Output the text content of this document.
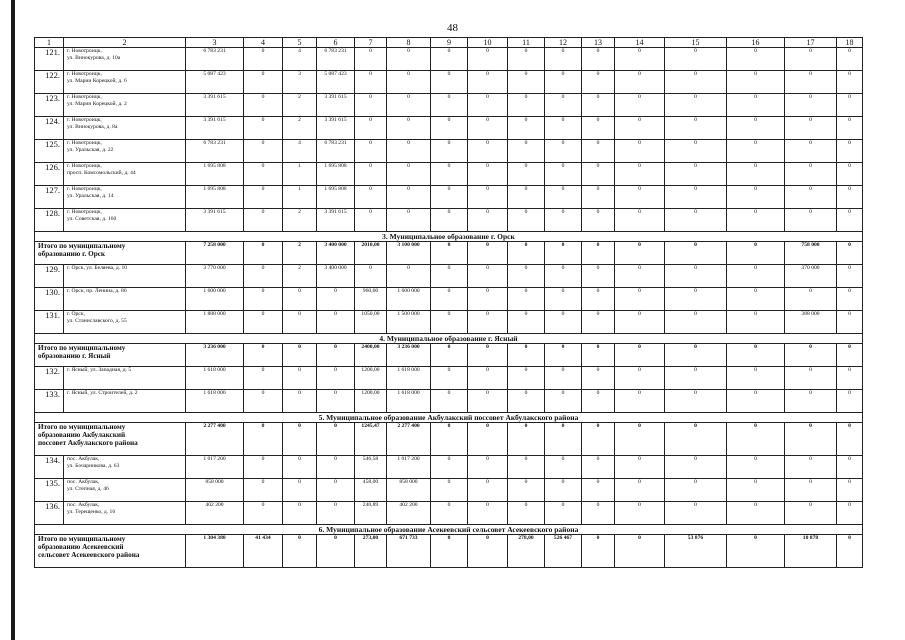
48
1	2	3	4	5	6	7	8	9	10	11	12	13	14	15	16	17	18
121.	г. Новотроицк,
ул. Винокурова, д. 10а	6 783 231	0	4	6 783 231	0	0	0	0	0	0	0	0	0	0	0	0
122.	г. Новотроицк,
ул. Марии Корецкой, д. 6	5 087 423	0	3	5 087 423	0	0	0	0	0	0	0	0	0	0	0	0
123.	г. Новотроицк,
ул. Марии Корецкой, д. 2	3 391 615	0	2	3 391 615	0	0	0	0	0	0	0	0	0	0	0	0
124.	г. Новотроицк,
ул. Винокурова, д. 8а	3 391 615	0	2	3 391 615	0	0	0	0	0	0	0	0	0	0	0	0
125.	г. Новотроицк,
ул. Уральская, д. 22	6 783 231	0	4	6 783 231	0	0	0	0	0	0	0	0	0	0	0	0
126.	г. Новотроицк,
просп. Комсомольский, д. 44	1 695 808	0	1	1 695 808	0	0	0	0	0	0	0	0	0	0	0	0
127.	г. Новотроицк,
ул. Уральская, д. 14	1 695 808	0	1	1 695 808	0	0	0	0	0	0	0	0	0	0	0	0
128.	г. Новотроицк,
ул. Советская, д. 160	3 391 615	0	2	3 391 615	0	0	0	0	0	0	0	0	0	0	0	0
3. Муниципальное образование г. Орск																	

Итого по муниципальному
образованию г. Орск		7 258 000	0	2	3 400 000	2010,00	3 100 000	0	0	0	0	0	0	0	0	758 000	0
129.	г. Орск, ул. Беляева, д. 10	3 770 000	0	2	3 400 000	0	0	0	0	0	0	0	0	0	0	370 000	0
130.	г. Орск, пр. Ленина, д. 86	1 600 000	0	0	0	960,00	1 600 000	0	0	0	0	0	0	0	0	0	0
131.	г. Орск,
ул. Станиславского, д. 55	1 888 000	0	0	0	1050,00	1 500 000	0	0	0	0	0	0	0	0	388 000	0
4. Муниципальное образование г. Ясный																	

Итого по муниципальному
образованию г. Ясный		3 236 000	0	0	0	2400,00	3 236 000	0	0	0	0	0	0	0	0	0	0
132.	г. Ясный, ул. Западная, д. 5	1 618 000	0	0	0	1200,00	1 618 000	0	0	0	0	0	0	0	0	0	0
133.	г. Ясный, ул. Строителей, д. 2	1 618 000	0	0	0	1200,00	1 618 000	0	0	0	0	0	0	0	0	0	0
5. Муниципальное образование Акбулакский поссовет Акбулакского района																	

Итого по муниципальному
образованию Акбулакский
поссовет Акбулакского района		2 277 400	0	0	0	1245,47	2 277 400	0	0	0	0	0	0	0	0	0	0
134.	пос. Акбулак,
ул. Бочарникова, д. 63	1 017 200	0	0	0	546,58	1 017 200	0	0	0	0	0	0	0	0	0	0
135.	пос. Акбулак,
ул. Степная, д. 46	858 000	0	0	0	458,00	858 000	0	0	0	0	0	0	0	0	0	0
136.	пос. Акбулак,
ул. Терещенко, д. 16	402 200	0	0	0	240,89	402 200	0	0	0	0	0	0	0	0	0	0
6. Муниципальное образование Асекеевский сельсовет Асекеевского района																	

Итого по муниципальному
образованию Асекеевский
сельсовет Асекеевского района		1 304 388	41 434	0	0	273,00	671 733	0	0	278,00	526 467	0	0	53 876	0	10 878	0
